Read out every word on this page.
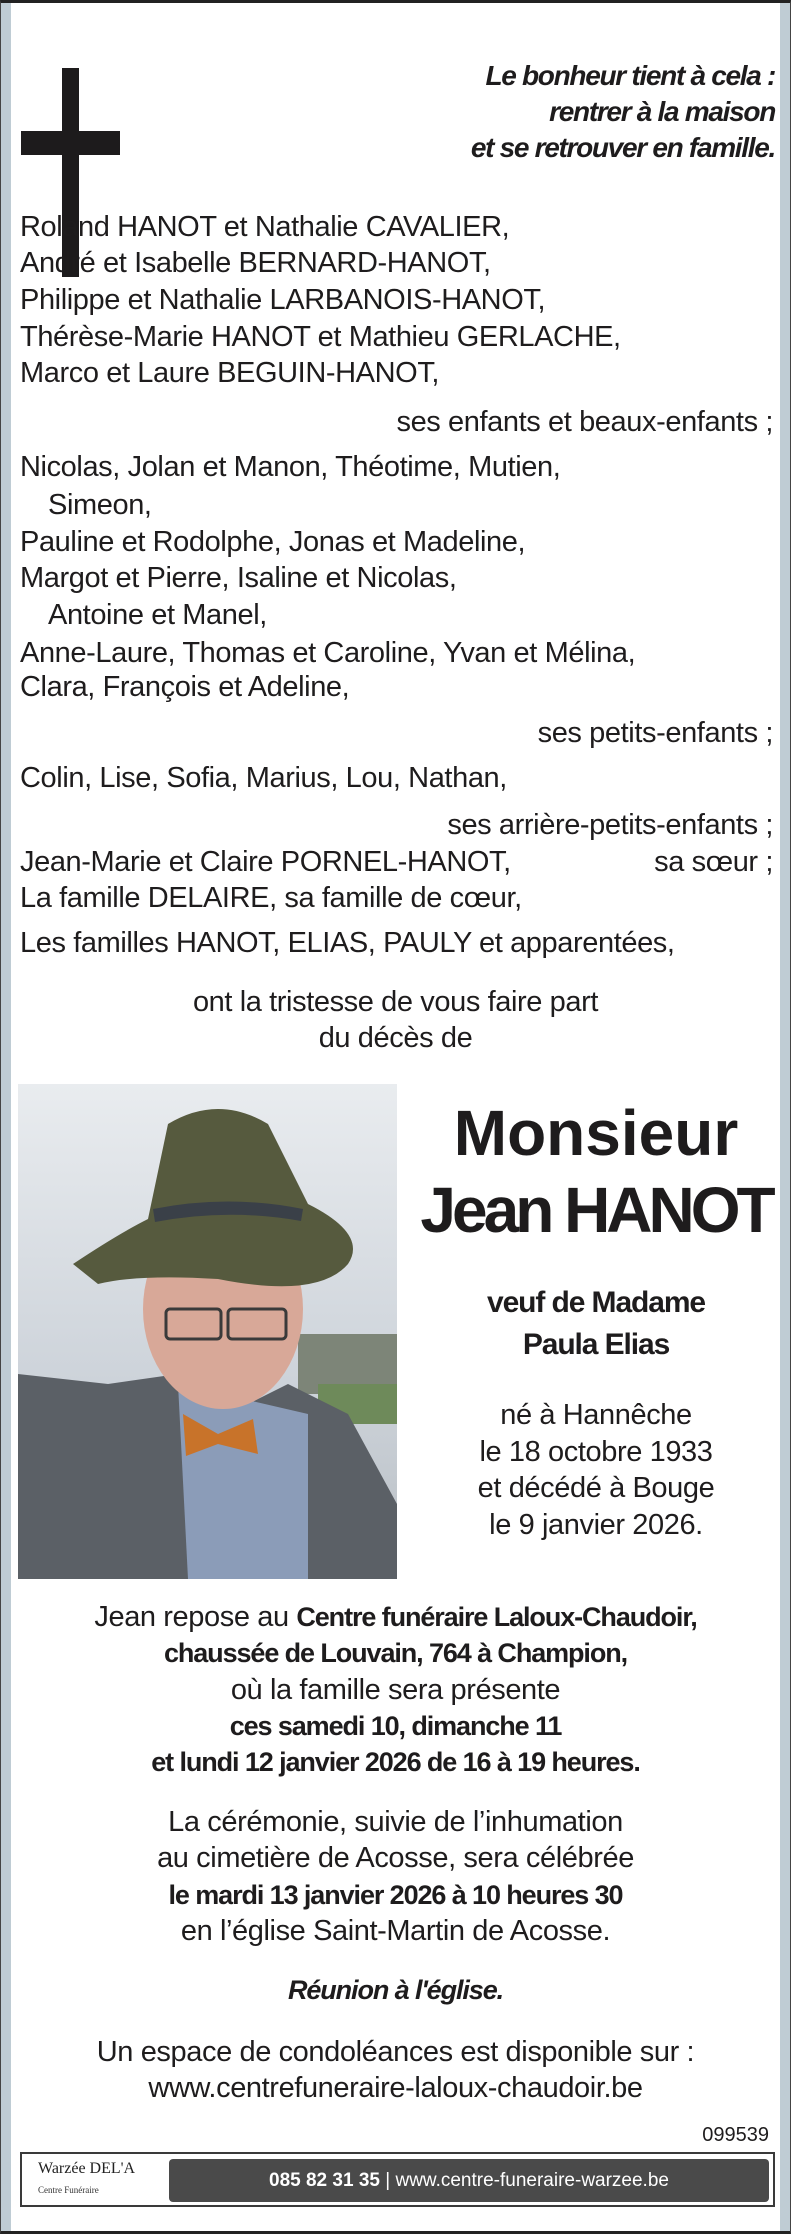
Le bonheur tient à cela :
rentrer à la maison
et se retrouver en famille.
Roland HANOT et Nathalie CAVALIER,
André et Isabelle BERNARD-HANOT,
Philippe et Nathalie LARBANOIS-HANOT,
Thérèse-Marie HANOT et Mathieu GERLACHE,
Marco et Laure BEGUIN-HANOT,
ses enfants et beaux-enfants ;
Nicolas, Jolan et Manon, Théotime, Mutien,
Simeon,
Pauline et Rodolphe, Jonas et Madeline,
Margot et Pierre, Isaline et Nicolas,
Antoine et Manel,
Anne-Laure, Thomas et Caroline, Yvan et Mélina,
Clara, François et Adeline,
ses petits-enfants ;
Colin, Lise, Sofia, Marius, Lou, Nathan,
ses arrière-petits-enfants ;
Jean-Marie et Claire PORNEL-HANOT,	sa sœur ;
La famille DELAIRE, sa famille de cœur,
Les familles HANOT, ELIAS, PAULY et apparentées,
ont la tristesse de vous faire part
du décès de
Monsieur
Jean HANOT
veuf de Madame
Paula Elias
né à Hannêche
le 18 octobre 1933
et décédé à Bouge
le 9 janvier 2026.
Jean repose au Centre funéraire Laloux-Chaudoir,
chaussée de Louvain, 764 à Champion,
où la famille sera présente
ces samedi 10, dimanche 11
et lundi 12 janvier 2026 de 16 à 19 heures.
La cérémonie, suivie de l’inhumation
au cimetière de Acosse, sera célébrée
le mardi 13 janvier 2026 à 10 heures 30
en l’église Saint-Martin de Acosse.
Réunion à l'église.
Un espace de condoléances est disponible sur :
www.centrefuneraire-laloux-chaudoir.be
099539
Warzée DEL'A
Centre Funéraire	085 82 31 35 | www.centre-funeraire-warzee.be
